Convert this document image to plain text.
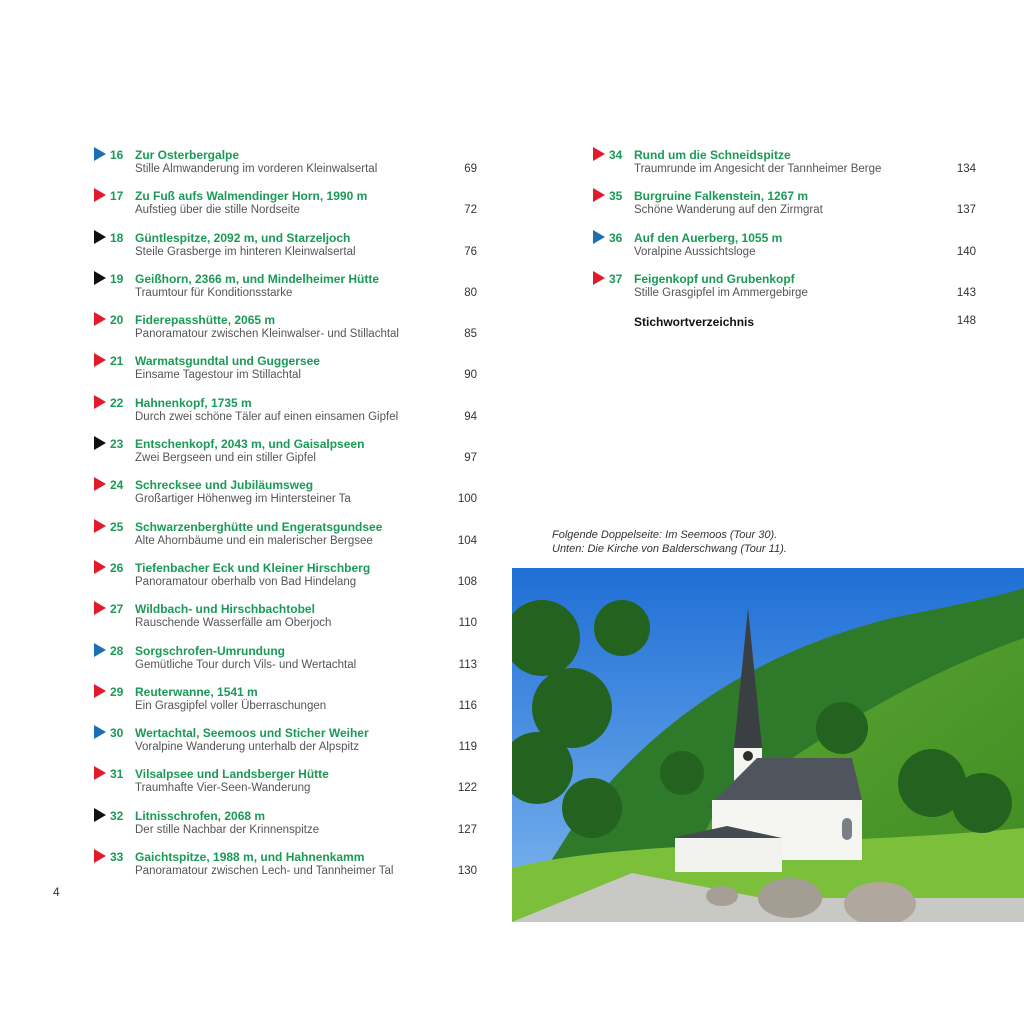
16 Zur Osterbergalpe
Stille Almwanderung im vorderen Kleinwalsertal	69
17 Zu Fuß aufs Walmendinger Horn, 1990 m
Aufstieg über die stille Nordseite	72
18 Güntlespitze, 2092 m, und Starzeljoch
Steile Grasberge im hinteren Kleinwalsertal	76
19 Geißhorn, 2366 m, und Mindelheimer Hütte
Traumtour für Konditionsstarke	80
20 Fiderepasshütte, 2065 m
Panoramatour zwischen Kleinwalser- und Stillachtal	85
21 Warmatsgundtal und Guggersee
Einsame Tagestour im Stillachtal	90
22 Hahnenkopf, 1735 m
Durch zwei schöne Täler auf einen einsamen Gipfel	94
23 Entschenkopf, 2043 m, und Gaisalpseen
Zwei Bergseen und ein stiller Gipfel	97
24 Schrecksee und Jubiläumsweg
Großartiger Höhenweg im Hintersteiner Ta	100
25 Schwarzenberghütte und Engeratsgundsee
Alte Ahornbäume und ein malerischer Bergsee	104
26 Tiefenbacher Eck und Kleiner Hirschberg
Panoramatour oberhalb von Bad Hindelang	108
27 Wildbach- und Hirschbachtobel
Rauschende Wasserfälle am Oberjoch	110
28 Sorgschrofen-Umrundung
Gemütliche Tour durch Vils- und Wertachtal	113
29 Reuterwanne, 1541 m
Ein Grasgipfel voller Überraschungen	116
30 Wertachtal, Seemoos und Sticher Weiher
Voralpine Wanderung unterhalb der Alpspitz	119
31 Vilsalpsee und Landsberger Hütte
Traumhafte Vier-Seen-Wanderung	122
32 Litnisschrofen, 2068 m
Der stille Nachbar der Krinnenspitze	127
33 Gaichtspitze, 1988 m, und Hahnenkamm
Panoramatour zwischen Lech- und Tannheimer Tal	130
34 Rund um die Schneidspitze
Traumrunde im Angesicht der Tannheimer Berge	134
35 Burgruine Falkenstein, 1267 m
Schöne Wanderung auf den Zirmgrat	137
36 Auf den Auerberg, 1055 m
Voralpine Aussichtsloge	140
37 Feigenkopf und Grubenkopf
Stille Grasgipfel im Ammergebirge	143
Stichwortverzeichnis	148
Folgende Doppelseite: Im Seemoos (Tour 30).
Unten: Die Kirche von Balderschwang (Tour 11).
4
